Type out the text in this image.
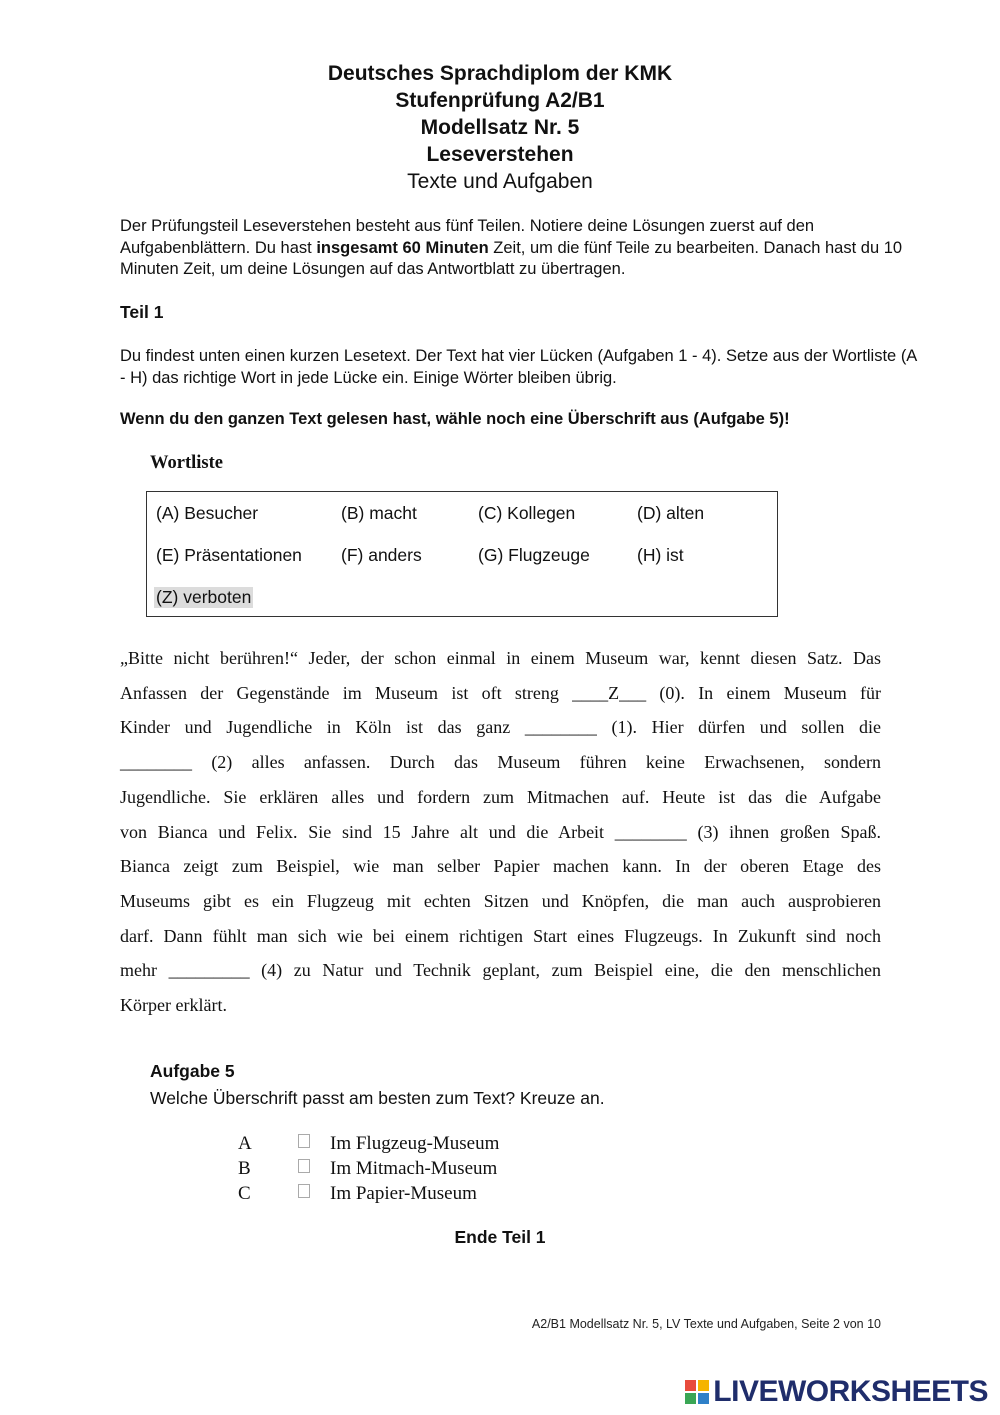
Deutsches Sprachdiplom der KMK
Stufenprüfung A2/B1
Modellsatz Nr. 5
Leseverstehen
Texte und Aufgaben
Der Prüfungsteil Leseverstehen besteht aus fünf Teilen. Notiere deine Lösungen zuerst auf den Aufgabenblättern. Du hast insgesamt 60 Minuten Zeit, um die fünf Teile zu bearbeiten. Danach hast du 10 Minuten Zeit, um deine Lösungen auf das Antwortblatt zu übertragen.
Teil 1
Du findest unten einen kurzen Lesetext. Der Text hat vier Lücken (Aufgaben 1 - 4). Setze aus der Wortliste (A - H) das richtige Wort in jede Lücke ein. Einige Wörter bleiben übrig.
Wenn du den ganzen Text gelesen hast, wähle noch eine Überschrift aus (Aufgabe 5)!
Wortliste
(A) Besucher	(B) macht	(C) Kollegen	(D) alten
(E) Präsentationen (F) anders	(G) Flugzeuge	(H) ist
(Z) verboten
„Bitte nicht berühren!“ Jeder, der schon einmal in einem Museum war, kennt diesen Satz. Das
Anfassen der Gegenstände im Museum ist oft streng ____Z___ (0). In einem Museum für
Kinder und Jugendliche in Köln ist das ganz ________ (1). Hier dürfen und sollen die
________ (2) alles anfassen. Durch das Museum führen keine Erwachsenen, sondern
Jugendliche. Sie erklären alles und fordern zum Mitmachen auf. Heute ist das die Aufgabe
von Bianca und Felix. Sie sind 15 Jahre alt und die Arbeit ________ (3) ihnen großen Spaß.
Bianca zeigt zum Beispiel, wie man selber Papier machen kann. In der oberen Etage des
Museums gibt es ein Flugzeug mit echten Sitzen und Knöpfen, die man auch ausprobieren
darf. Dann fühlt man sich wie bei einem richtigen Start eines Flugzeugs. In Zukunft sind noch
mehr _________ (4) zu Natur und Technik geplant, zum Beispiel eine, die den menschlichen
Körper erklärt.
Aufgabe 5
Welche Überschrift passt am besten zum Text? Kreuze an.
A	Im Flugzeug-Museum
B	Im Mitmach-Museum
C	Im Papier-Museum
Ende Teil 1
A2/B1 Modellsatz Nr. 5, LV Texte und Aufgaben, Seite 2 von 10
LIVEWORKSHEETS
